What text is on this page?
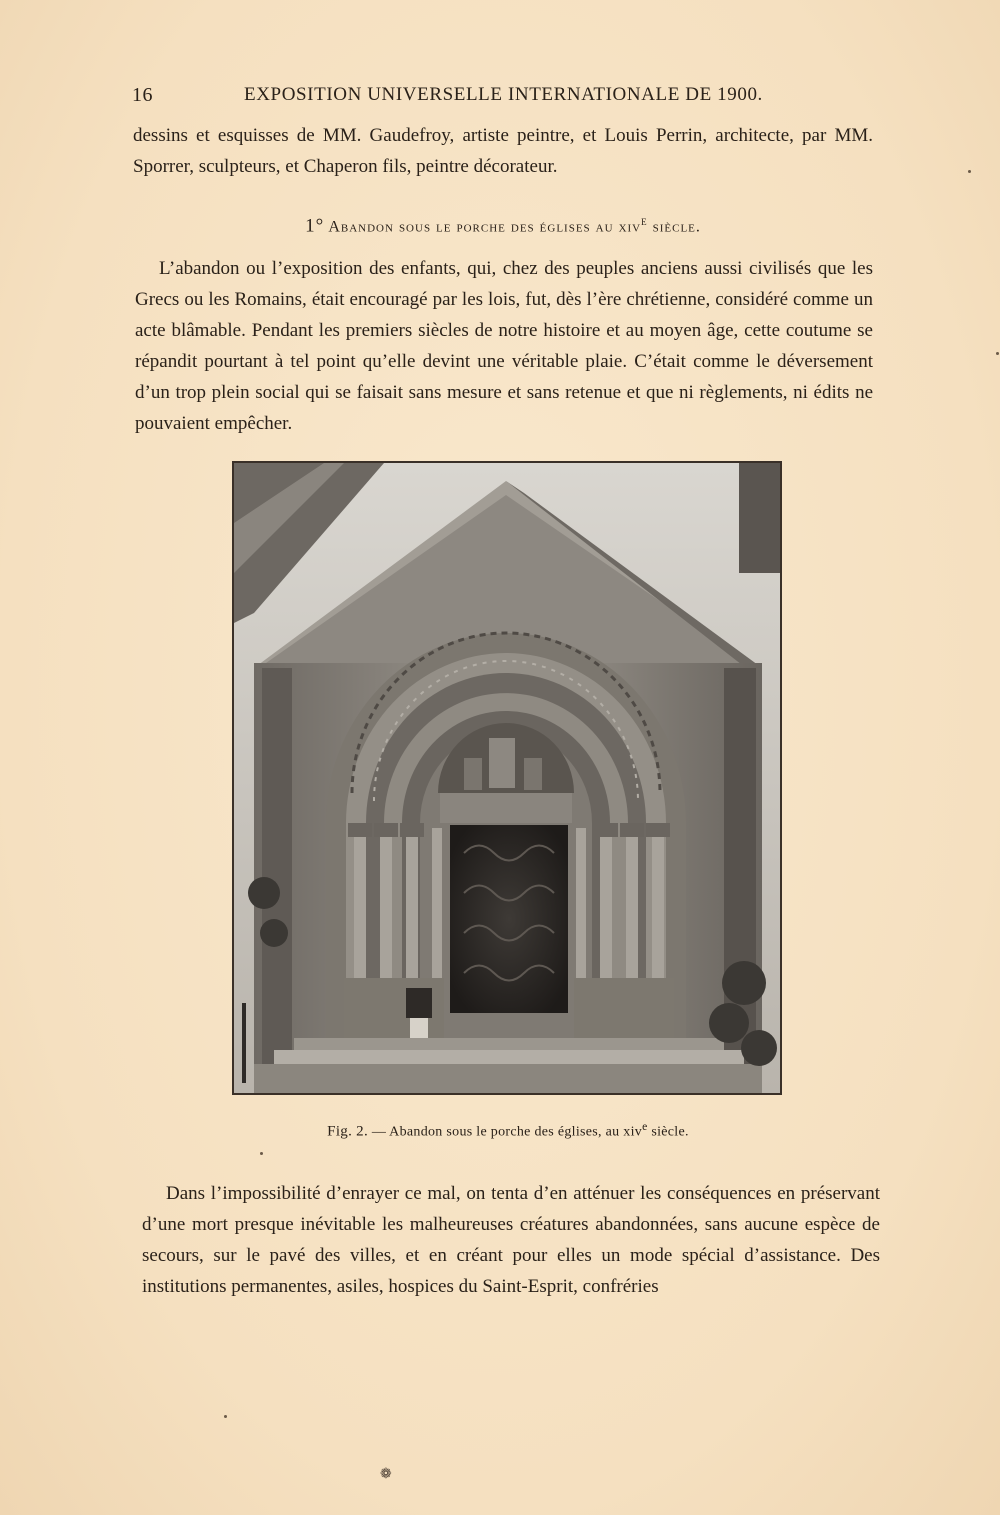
16	EXPOSITION UNIVERSELLE INTERNATIONALE DE 1900.

dessins et esquisses de MM. Gaudefroy, artiste peintre, et Louis Perrin, architecte, par MM. Sporrer, sculpteurs, et Chaperon fils, peintre décorateur.

1° Abandon sous le porche des églises au xiv$^e$ siècle.

L’abandon ou l’exposition des enfants, qui, chez des peuples anciens aussi civilisés que les Grecs ou les Romains, était encouragé par les lois, fut, dès l’ère chrétienne, considéré comme un acte blâmable. Pendant les premiers siècles de notre histoire et au moyen âge, cette coutume se répandit pourtant à tel point qu’elle devint une véritable plaie. C’était comme le déversement d’un trop plein social qui se faisait sans mesure et sans retenue et que ni règlements, ni édits ne pouvaient empêcher.

Fig. 2. — Abandon sous le porche des églises, au xiv$^e$ siècle.

Dans l’impossibilité d’enrayer ce mal, on tenta d’en atténuer les conséquences en préservant d’une mort presque inévitable les malheureuses créatures abandonnées, sans aucune espèce de secours, sur le pavé des villes, et en créant pour elles un mode spécial d’assistance. Des institutions permanentes, asiles, hospices du Saint-Esprit, confréries

❁
